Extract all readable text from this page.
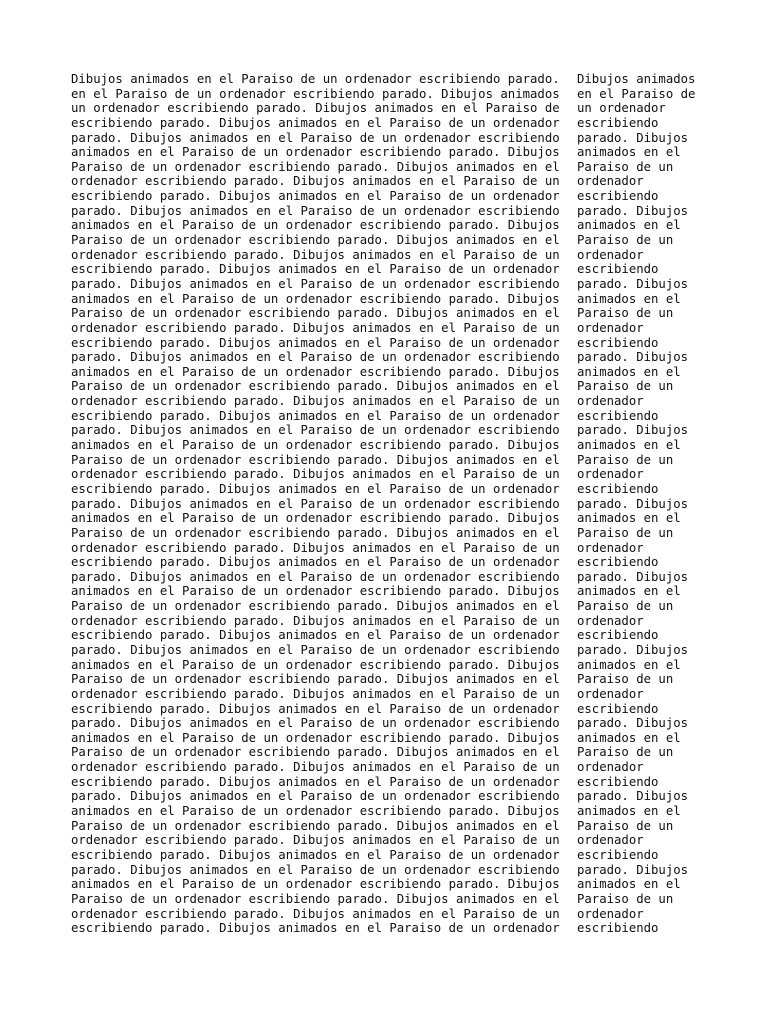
Dibujos animados en el Paraiso de un ordenador escribiendo parado.
en el Paraiso de un ordenador escribiendo parado. Dibujos animados
un ordenador escribiendo parado. Dibujos animados en el Paraiso de
escribiendo parado. Dibujos animados en el Paraiso de un ordenador
parado. Dibujos animados en el Paraiso de un ordenador escribiendo
animados en el Paraiso de un ordenador escribiendo parado. Dibujos
Paraiso de un ordenador escribiendo parado. Dibujos animados en el
ordenador escribiendo parado. Dibujos animados en el Paraiso de un
escribiendo parado. Dibujos animados en el Paraiso de un ordenador
parado. Dibujos animados en el Paraiso de un ordenador escribiendo
animados en el Paraiso de un ordenador escribiendo parado. Dibujos
Paraiso de un ordenador escribiendo parado. Dibujos animados en el
ordenador escribiendo parado. Dibujos animados en el Paraiso de un
escribiendo parado. Dibujos animados en el Paraiso de un ordenador
parado. Dibujos animados en el Paraiso de un ordenador escribiendo
animados en el Paraiso de un ordenador escribiendo parado. Dibujos
Paraiso de un ordenador escribiendo parado. Dibujos animados en el
ordenador escribiendo parado. Dibujos animados en el Paraiso de un
escribiendo parado. Dibujos animados en el Paraiso de un ordenador
parado. Dibujos animados en el Paraiso de un ordenador escribiendo
animados en el Paraiso de un ordenador escribiendo parado. Dibujos
Paraiso de un ordenador escribiendo parado. Dibujos animados en el
ordenador escribiendo parado. Dibujos animados en el Paraiso de un
escribiendo parado. Dibujos animados en el Paraiso de un ordenador
parado. Dibujos animados en el Paraiso de un ordenador escribiendo
animados en el Paraiso de un ordenador escribiendo parado. Dibujos
Paraiso de un ordenador escribiendo parado. Dibujos animados en el
ordenador escribiendo parado. Dibujos animados en el Paraiso de un
escribiendo parado. Dibujos animados en el Paraiso de un ordenador
parado. Dibujos animados en el Paraiso de un ordenador escribiendo
animados en el Paraiso de un ordenador escribiendo parado. Dibujos
Paraiso de un ordenador escribiendo parado. Dibujos animados en el
ordenador escribiendo parado. Dibujos animados en el Paraiso de un
escribiendo parado. Dibujos animados en el Paraiso de un ordenador
parado. Dibujos animados en el Paraiso de un ordenador escribiendo
animados en el Paraiso de un ordenador escribiendo parado. Dibujos
Paraiso de un ordenador escribiendo parado. Dibujos animados en el
ordenador escribiendo parado. Dibujos animados en el Paraiso de un
escribiendo parado. Dibujos animados en el Paraiso de un ordenador
parado. Dibujos animados en el Paraiso de un ordenador escribiendo
animados en el Paraiso de un ordenador escribiendo parado. Dibujos
Paraiso de un ordenador escribiendo parado. Dibujos animados en el
ordenador escribiendo parado. Dibujos animados en el Paraiso de un
escribiendo parado. Dibujos animados en el Paraiso de un ordenador
parado. Dibujos animados en el Paraiso de un ordenador escribiendo
animados en el Paraiso de un ordenador escribiendo parado. Dibujos
Paraiso de un ordenador escribiendo parado. Dibujos animados en el
ordenador escribiendo parado. Dibujos animados en el Paraiso de un
escribiendo parado. Dibujos animados en el Paraiso de un ordenador
parado. Dibujos animados en el Paraiso de un ordenador escribiendo
animados en el Paraiso de un ordenador escribiendo parado. Dibujos
Paraiso de un ordenador escribiendo parado. Dibujos animados en el
ordenador escribiendo parado. Dibujos animados en el Paraiso de un
escribiendo parado. Dibujos animados en el Paraiso de un ordenador
parado. Dibujos animados en el Paraiso de un ordenador escribiendo
animados en el Paraiso de un ordenador escribiendo parado. Dibujos
Paraiso de un ordenador escribiendo parado. Dibujos animados en el
ordenador escribiendo parado. Dibujos animados en el Paraiso de un
escribiendo parado. Dibujos animados en el Paraiso de un ordenador
Dibujos animados
en el Paraiso de
un ordenador
escribiendo
parado. Dibujos
animados en el
Paraiso de un
ordenador
escribiendo
parado. Dibujos
animados en el
Paraiso de un
ordenador
escribiendo
parado. Dibujos
animados en el
Paraiso de un
ordenador
escribiendo
parado. Dibujos
animados en el
Paraiso de un
ordenador
escribiendo
parado. Dibujos
animados en el
Paraiso de un
ordenador
escribiendo
parado. Dibujos
animados en el
Paraiso de un
ordenador
escribiendo
parado. Dibujos
animados en el
Paraiso de un
ordenador
escribiendo
parado. Dibujos
animados en el
Paraiso de un
ordenador
escribiendo
parado. Dibujos
animados en el
Paraiso de un
ordenador
escribiendo
parado. Dibujos
animados en el
Paraiso de un
ordenador
escribiendo
parado. Dibujos
animados en el
Paraiso de un
ordenador
escribiendo
